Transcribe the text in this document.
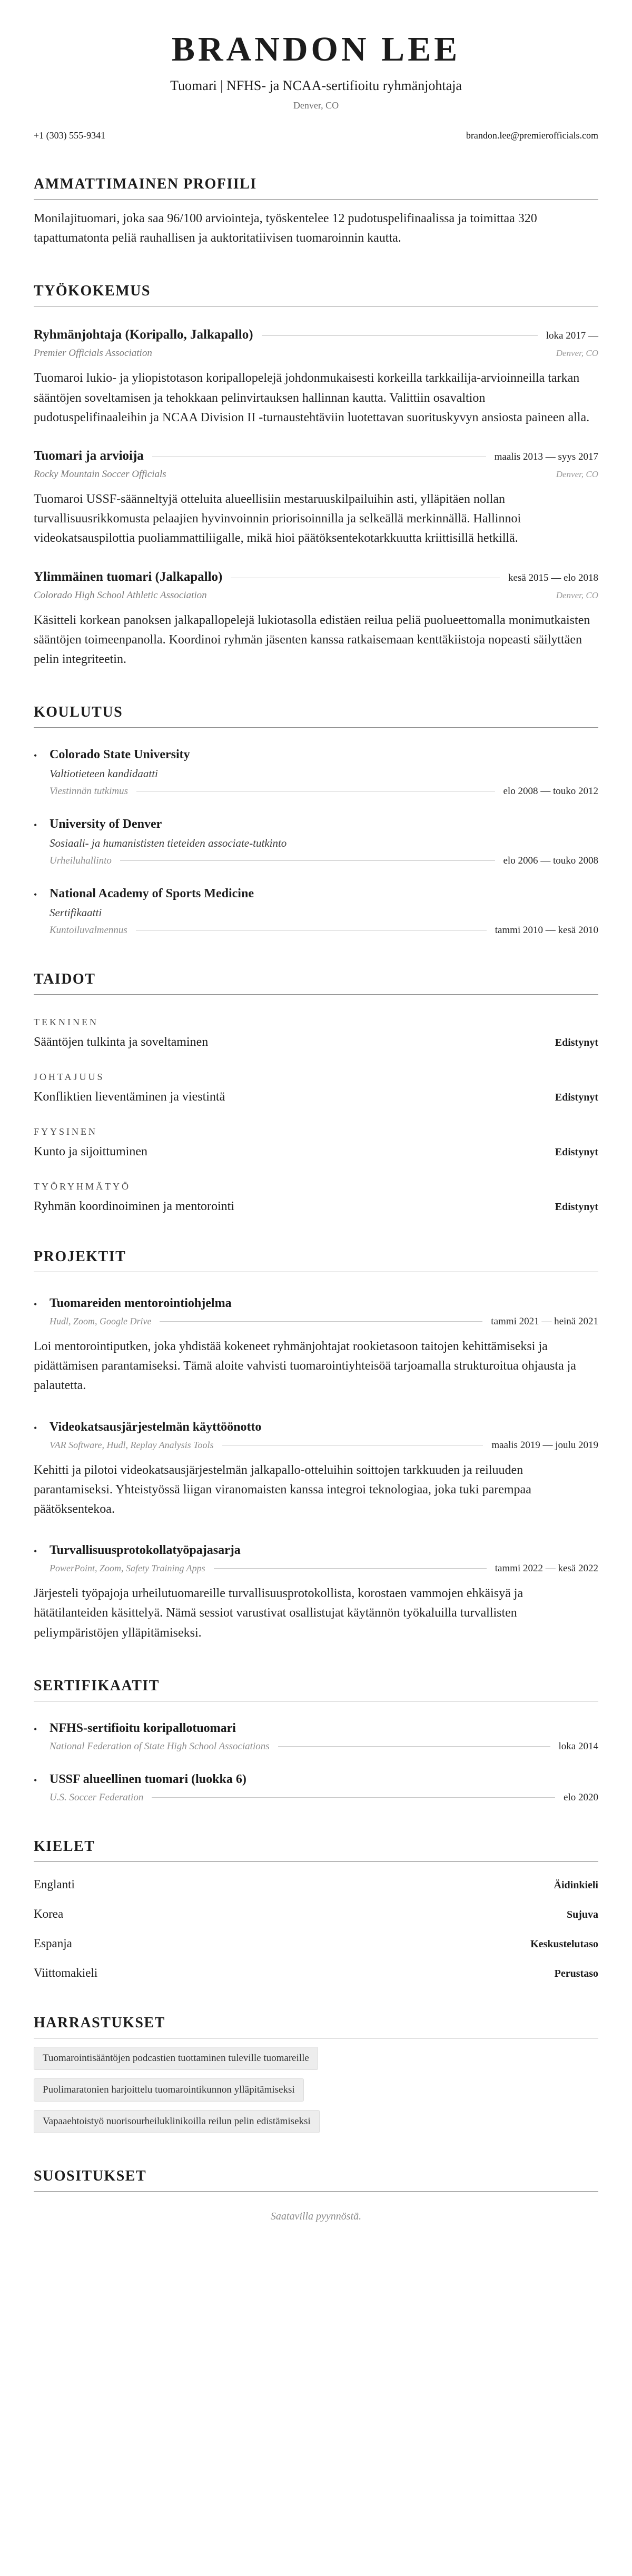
BRANDON LEE
Tuomari | NFHS- ja NCAA-sertifioitu ryhmänjohtaja
Denver, CO
+1 (303) 555-9341	brandon.lee@premierofficials.com
AMMATTIMAINEN PROFIILI

Monilajituomari, joka saa 96/100 arviointeja, työskentelee 12 pudotuspelifinaalissa ja toimittaa 320 tapattumatonta peliä rauhallisen ja auktoritatiivisen tuomaroinnin kautta.

TYÖKOKEMUS
Ryhmänjohtaja (Koripallo, Jalkapallo)	loka 2017 —
Premier Officials Association	Denver, CO

Tuomaroi lukio- ja yliopistotason koripallopelejä johdonmukaisesti korkeilla tarkkailija-arvioinneilla tarkan sääntöjen soveltamisen ja tehokkaan pelinvirtauksen hallinnan kautta. Valittiin osavaltion pudotuspelifinaaleihin ja NCAA Division II -turnaustehtäviin luotettavan suorituskyvyn ansiosta paineen alla.

Tuomari ja arvioija	maalis 2013 — syys 2017
Rocky Mountain Soccer Officials	Denver, CO

Tuomaroi USSF-säänneltyjä otteluita alueellisiin mestaruuskilpailuihin asti, ylläpitäen nollan turvallisuusrikkomusta pelaajien hyvinvoinnin priorisoinnilla ja selkeällä merkinnällä. Hallinnoi videokatsauspilottia puoliammattiliigalle, mikä hioi päätöksentekotarkkuutta kriittisillä hetkillä.

Ylimmäinen tuomari (Jalkapallo)	kesä 2015 — elo 2018
Colorado High School Athletic Association	Denver, CO

Käsitteli korkean panoksen jalkapallopelejä lukiotasolla edistäen reilua peliä puolueettomalla monimutkaisten sääntöjen toimeenpanolla. Koordinoi ryhmän jäsenten kanssa ratkaisemaan kenttäkiistoja nopeasti säilyttäen pelin integriteetin.

KOULUTUS
•
Colorado State University
Valtiotieteen kandidaatti
Viestinnän tutkimus	elo 2008 — touko 2012
•
University of Denver
Sosiaali- ja humanististen tieteiden associate-tutkinto
Urheiluhallinto	elo 2006 — touko 2008
•
National Academy of Sports Medicine
Sertifikaatti
Kuntoiluvalmennus	tammi 2010 — kesä 2010
TAIDOT
TEKNINEN
Sääntöjen tulkinta ja soveltaminen	Edistynyt
JOHTAJUUS
Konfliktien lieventäminen ja viestintä	Edistynyt
FYYSINEN
Kunto ja sijoittuminen	Edistynyt
TYÖRYHMÄTYÖ
Ryhmän koordinoiminen ja mentorointi	Edistynyt
PROJEKTIT
•
Tuomareiden mentorointiohjelma
Hudl, Zoom, Google Drive	tammi 2021 — heinä 2021

Loi mentorointiputken, joka yhdistää kokeneet ryhmänjohtajat rookietasoon taitojen kehittämiseksi ja pidättämisen parantamiseksi. Tämä aloite vahvisti tuomarointiyhteisöä tarjoamalla strukturoitua ohjausta ja palautetta.

•
Videokatsausjärjestelmän käyttöönotto
VAR Software, Hudl, Replay Analysis Tools	maalis 2019 — joulu 2019

Kehitti ja pilotoi videokatsausjärjestelmän jalkapallo-otteluihin soittojen tarkkuuden ja reiluuden parantamiseksi. Yhteistyössä liigan viranomaisten kanssa integroi teknologiaa, joka tuki parempaa päätöksentekoa.

•
Turvallisuusprotokollatyöpajasarja
PowerPoint, Zoom, Safety Training Apps	tammi 2022 — kesä 2022

Järjesteli työpajoja urheilutuomareille turvallisuusprotokollista, korostaen vammojen ehkäisyä ja hätätilanteiden käsittelyä. Nämä sessiot varustivat osallistujat käytännön työkaluilla turvallisten peliympäristöjen ylläpitämiseksi.

SERTIFIKAATIT
•
NFHS-sertifioitu koripallotuomari
National Federation of State High School Associations	loka 2014
•
USSF alueellinen tuomari (luokka 6)
U.S. Soccer Federation	elo 2020
KIELET
Englanti	Äidinkieli
Korea	Sujuva
Espanja	Keskustelutaso
Viittomakieli	Perustaso
HARRASTUKSET
Tuomarointisääntöjen podcastien tuottaminen tuleville tuomareille
Puolimaratonien harjoittelu tuomarointikunnon ylläpitämiseksi
Vapaaehtoistyö nuorisourheiluklinikoilla reilun pelin edistämiseksi
SUOSITUKSET

Saatavilla pyynnöstä.
